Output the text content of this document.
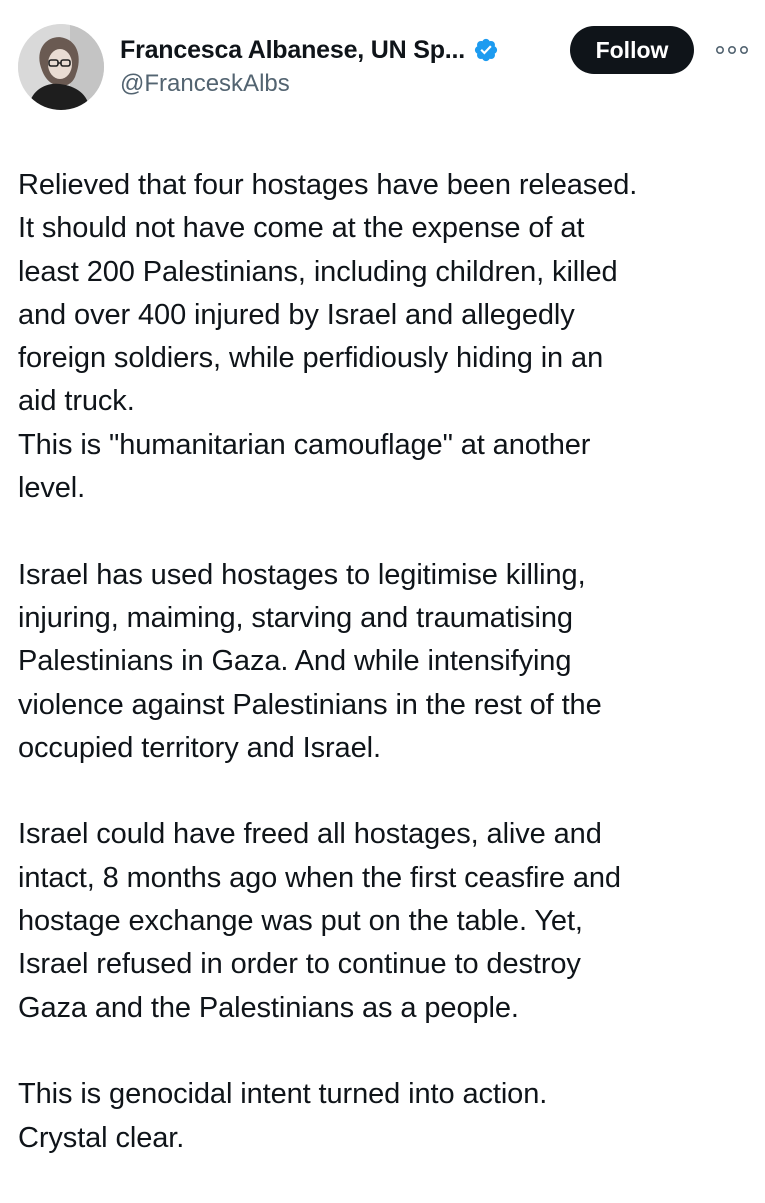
Francesca Albanese, UN Sp...
@FranceskAlbs
Follow

Relieved that four hostages have been released.
It should not have come at the expense of at
least 200 Palestinians, including children, killed
and over 400 injured by Israel and allegedly
foreign soldiers, while perfidiously hiding in an
aid truck.
This is "humanitarian camouflage" at another
level.

Israel has used hostages to legitimise killing,
injuring, maiming, starving and traumatising
Palestinians in Gaza. And while intensifying
violence against Palestinians in the rest of the
occupied territory and Israel.

Israel could have freed all hostages, alive and
intact, 8 months ago when the first ceasfire and
hostage exchange was put on the table. Yet,
Israel refused in order to continue to destroy
Gaza and the Palestinians as a people.

This is genocidal intent turned into action.
Crystal clear.
